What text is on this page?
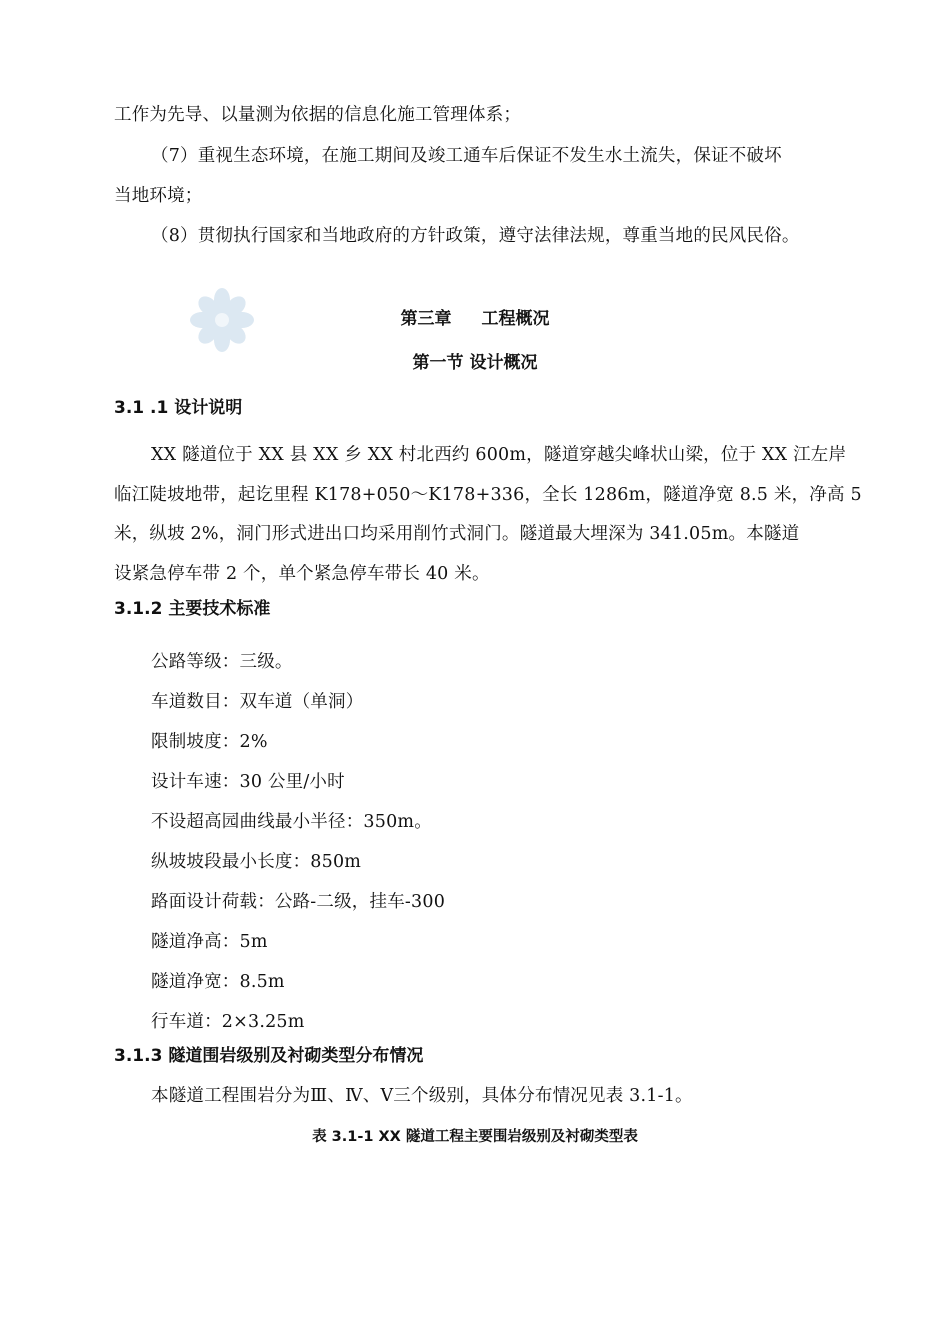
工作为先导、以量测为依据的信息化施工管理体系；
（7）重视生态环境，在施工期间及竣工通车后保证不发生水土流失，保证不破坏
当地环境；
（8）贯彻执行国家和当地政府的方针政策，遵守法律法规，尊重当地的民风民俗。
第三章 工程概况
第一节 设计概况
3.1 .1 设计说明
XX 隧道位于 XX 县 XX 乡 XX 村北西约 600m，隧道穿越尖峰状山梁，位于 XX 江左岸
临江陡坡地带，起讫里程 K178+050～K178+336，全长 1286m，隧道净宽 8.5 米，净高 5
米，纵坡 2%，洞门形式进出口均采用削竹式洞门。隧道最大埋深为 341.05m。本隧道
设紧急停车带 2 个，单个紧急停车带长 40 米。
3.1.2 主要技术标准
公路等级：三级。
车道数目：双车道（单洞）
限制坡度：2%
设计车速：30 公里/小时
不设超高园曲线最小半径：350m。
纵坡坡段最小长度：850m
路面设计荷载：公路-二级，挂车-300
隧道净高：5m
隧道净宽：8.5m
行车道：2×3.25m
3.1.3 隧道围岩级别及衬砌类型分布情况
本隧道工程围岩分为Ⅲ、Ⅳ、Ⅴ三个级别，具体分布情况见表 3.1-1。
表 3.1-1 XX 隧道工程主要围岩级别及衬砌类型表
